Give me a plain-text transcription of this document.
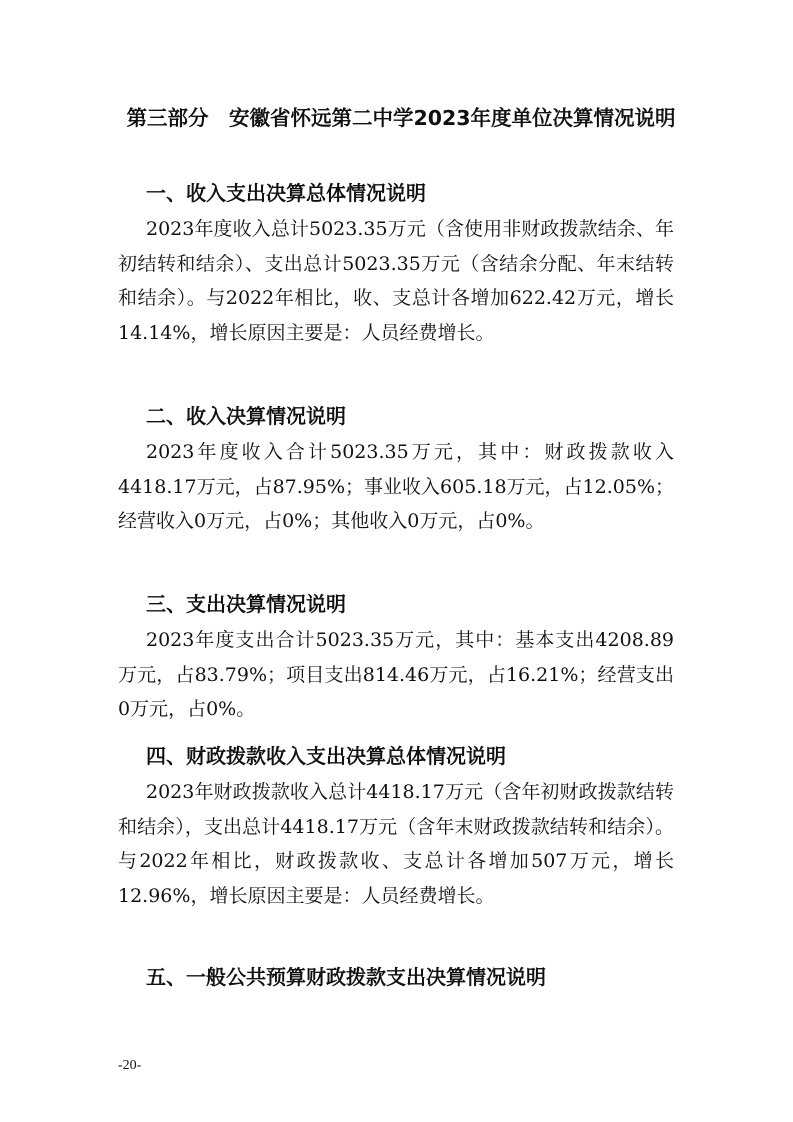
第三部分　安徽省怀远第二中学2023年度单位决算情况说明
一、收入支出决算总体情况说明

2023年度收入总计5023.35万元（含使用非财政拨款结余、年初结转和结余）、支出总计5023.35万元（含结余分配、年末结转和结余）。与2022年相比，收、支总计各增加622.42万元，增长14.14%，增长原因主要是：人员经费增长。

二、收入决算情况说明

2023年度收入合计5023.35万元，其中：财政拨款收入4418.17万元，占87.95%；事业收入605.18万元，占12.05%；经营收入0万元，占0%；其他收入0万元，占0%。

三、支出决算情况说明

2023年度支出合计5023.35万元，其中：基本支出4208.89万元，占83.79%；项目支出814.46万元，占16.21%；经营支出0万元，占0%。

四、财政拨款收入支出决算总体情况说明

2023年财政拨款收入总计4418.17万元（含年初财政拨款结转和结余），支出总计4418.17万元（含年末财政拨款结转和结余）。与2022年相比，财政拨款收、支总计各增加507万元，增长12.96%，增长原因主要是：人员经费增长。

五、一般公共预算财政拨款支出决算情况说明
-20-
